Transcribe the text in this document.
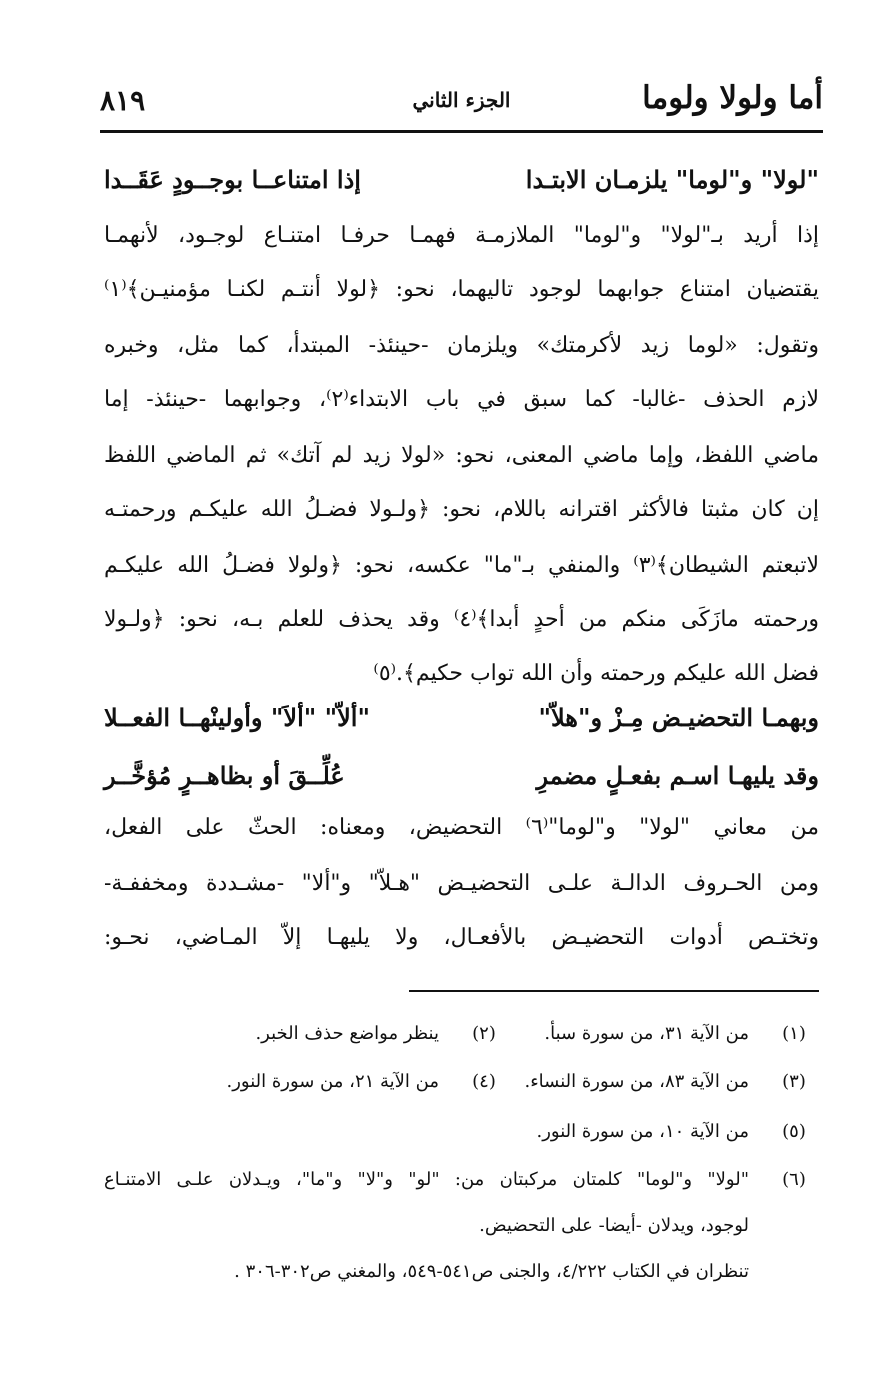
أما ولولا ولوما
الجزء الثاني
٨١٩
"لولا" و"لوما" يلزمـان الابتـدا
إذا امتناعــا بوجــودٍ عَقَــدا
إذا أريد بـ"لولا" و"لوما" الملازمـة فهمـا حرفـا امتنـاع لوجـود، لأنهمـا
يقتضيان امتناع جوابهما لوجود تاليهما، نحو: ﴿لولا أنتـم لكنـا مؤمنيـن﴾⁽١⁾
وتقول: «لوما زيد لأكرمتك» ويلزمان -حينئذ- المبتدأ، كما مثل، وخبره
لازم الحذف -غالبا- كما سبق في باب الابتداء⁽٢⁾، وجوابهما -حينئذ- إما
ماضي اللفظ، وإما ماضي المعنى، نحو: «لولا زيد لم آتك» ثم الماضي اللفظ
إن كان مثبتا فالأكثر اقترانه باللام، نحو: ﴿ولـولا فضـلُ الله عليكـم ورحمتـه
لاتبعتم الشيطان﴾⁽٣⁾ والمنفي بـ"ما" عكسه، نحو: ﴿ولولا فضـلُ الله عليكـم
ورحمته مازَكَى منكم من أحدٍ أبدا﴾⁽٤⁾ وقد يحذف للعلم بـه، نحو: ﴿ولـولا
فضل الله عليكم ورحمته وأن الله تواب حكيم﴾.⁽٥⁾
وبهمـا التحضيـض مِـزْ و"هلاّ"
"ألاّ" "ألاَ" وأولينْهــا الفعــلا
وقد يليهـا اسـم بفعـلٍ مضمرِ
عُلِّــقَ أو بظاهــرٍ مُؤخَّــر
من معاني "لولا" و"لوما"⁽٦⁾ التحضيض، ومعناه: الحثّ على الفعل،
ومن الحـروف الدالـة علـى التحضيـض "هـلاّ" و"ألا" -مشـددة ومخففـة-
وتختـص أدوات التحضيـض بالأفعـال، ولا يليهـا إلاّ المـاضي، نحـو:
(١)
من الآية ٣١، من سورة سبأ.
(٢)
ينظر مواضع حذف الخبر.
(٣)
من الآية ٨٣، من سورة النساء.
(٤)
من الآية ٢١، من سورة النور.
(٥)
من الآية ١٠، من سورة النور.
(٦)
"لولا" و"لوما" كلمتان مركبتان من: "لو" و"لا" و"ما"، ويـدلان علـى الامتنـاع
لوجود، ويدلان -أيضا- على التحضيض.
تنظران في الكتاب ٤/٢٢٢، والجنى ص٥٤١-٥٤٩، والمغني ص٣٠٢-٣٠٦ .
